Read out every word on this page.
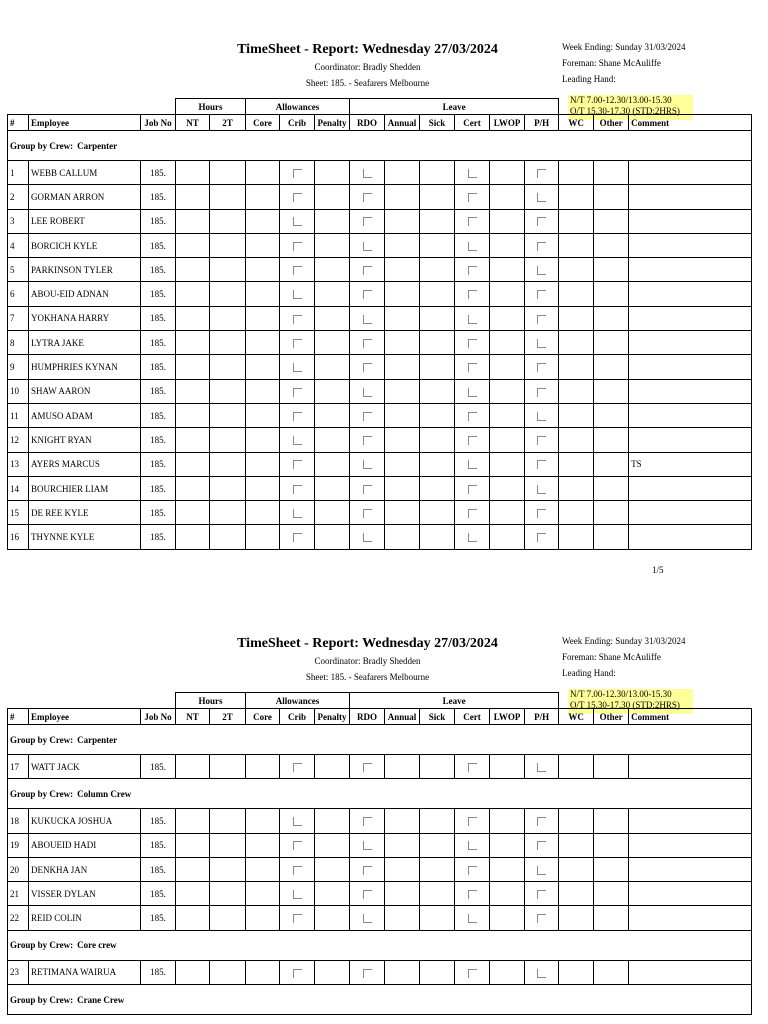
TimeSheet - Report: Wednesday 27/03/2024
Coordinator: Bradly Shedden
Sheet: 185. - Seafarers Melbourne
Week Ending: Sunday 31/03/2024
Foreman: Shane McAuliffe
Leading Hand:
N/T 7.00-12.30/13.00-15.30
O/T 15.30-17.30 (STD:2HRS)
			Hours		Allowances			Leave								
#	Employee	Job No	NT	2T	Core	Crib	Penalty	RDO	Annual	Sick	Cert	LWOP	P/H	WC	Other	Comment
Group by Crew: Carpenter																
1	WEBB CALLUM	185.														
2	GORMAN ARRON	185.														
3	LEE ROBERT	185.														
4	BORCICH KYLE	185.														
5	PARKINSON TYLER	185.														
6	ABOU-EID ADNAN	185.														
7	YOKHANA HARRY	185.														
8	LYTRA JAKE	185.														
9	HUMPHRIES KYNAN	185.														
10	SHAW AARON	185.														
11	AMUSO ADAM	185.														
12	KNIGHT RYAN	185.														
13	AYERS MARCUS	185.														TS
14	BOURCHIER LIAM	185.														
15	DE REE KYLE	185.														
16	THYNNE KYLE	185.														
1/5
TimeSheet - Report: Wednesday 27/03/2024
Coordinator: Bradly Shedden
Sheet: 185. - Seafarers Melbourne
Week Ending: Sunday 31/03/2024
Foreman: Shane McAuliffe
Leading Hand:
N/T 7.00-12.30/13.00-15.30
O/T 15.30-17.30 (STD:2HRS)
			Hours		Allowances			Leave								
#	Employee	Job No	NT	2T	Core	Crib	Penalty	RDO	Annual	Sick	Cert	LWOP	P/H	WC	Other	Comment
Group by Crew: Carpenter																
17	WATT JACK	185.														
Group by Crew: Column Crew																
18	KUKUCKA JOSHUA	185.														
19	ABOUEID HADI	185.														
20	DENKHA JAN	185.														
21	VISSER DYLAN	185.														
22	REID COLIN	185.														
Group by Crew: Core crew																
23	RETIMANA WAIRUA	185.														
Group by Crew: Crane Crew																
